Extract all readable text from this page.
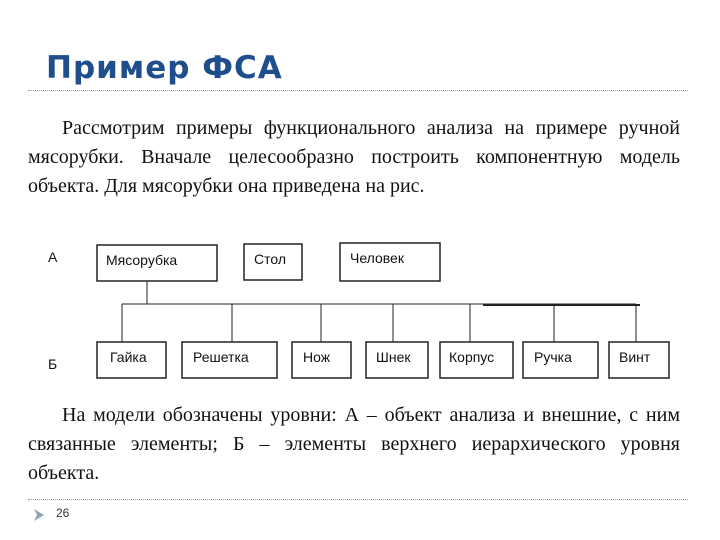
Пример ФСА

Рассмотрим примеры функционального анализа на примере ручной мясорубки. Вначале целесообразно построить компонентную модель объекта. Для мясорубки она приведена на рис.

А
Б
Мясорубка	Стол	Человек
Гайка	Решетка	Нож	Шнек	Корпус	Ручка	Винт

На модели обозначены уровни: А – объект анализа и внешние, с ним связанные элементы; Б – элементы верхнего иерархического уровня объекта.

26
